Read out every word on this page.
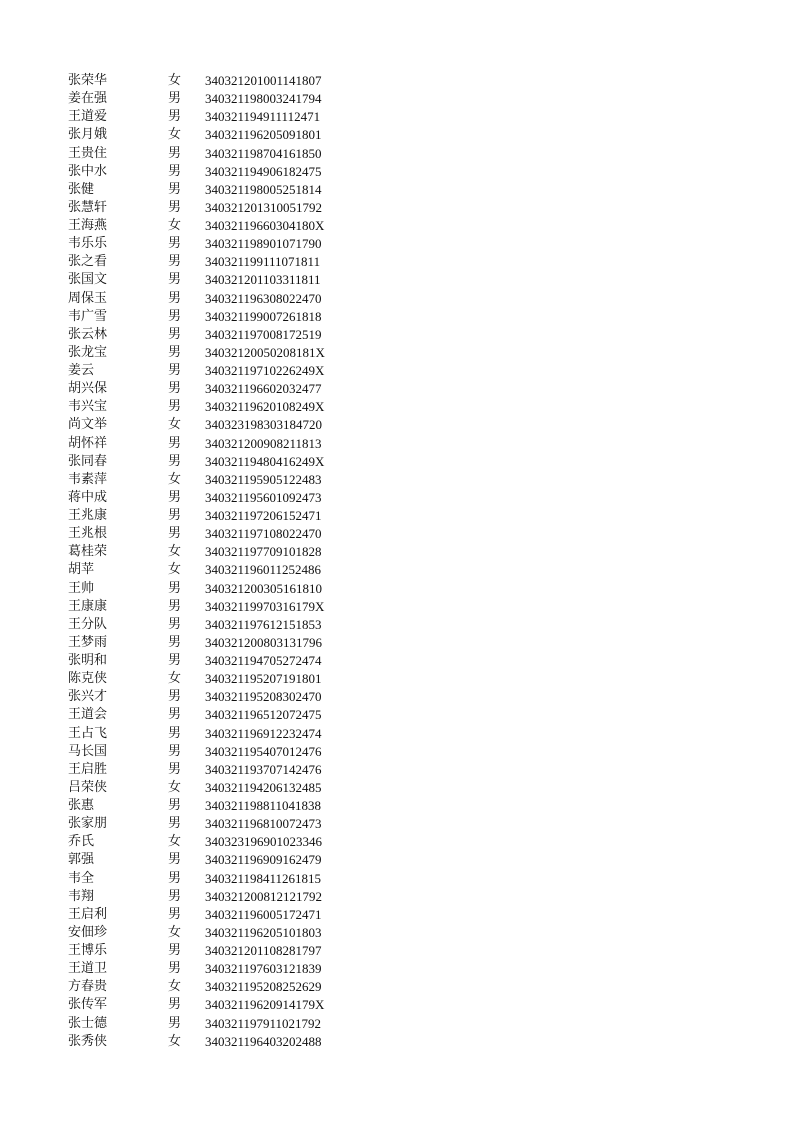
张荣华	女	340321201001141807
姜在强	男	340321198003241794
王道爱	男	340321194911112471
张月娥	女	340321196205091801
王贵住	男	340321198704161850
张中水	男	340321194906182475
张健	男	340321198005251814
张慧轩	男	340321201310051792
王海燕	女	34032119660304180X
韦乐乐	男	340321198901071790
张之看	男	340321199111071811
张国文	男	340321201103311811
周保玉	男	340321196308022470
韦广雪	男	340321199007261818
张云林	男	340321197008172519
张龙宝	男	34032120050208181X
姜云	男	34032119710226249X
胡兴保	男	340321196602032477
韦兴宝	男	34032119620108249X
尚文举	女	340323198303184720
胡怀祥	男	340321200908211813
张同春	男	34032119480416249X
韦素萍	女	340321195905122483
蒋中成	男	340321195601092473
王兆康	男	340321197206152471
王兆根	男	340321197108022470
葛桂荣	女	340321197709101828
胡苹	女	340321196011252486
王帅	男	340321200305161810
王康康	男	34032119970316179X
王分队	男	340321197612151853
王梦雨	男	340321200803131796
张明和	男	340321194705272474
陈克侠	女	340321195207191801
张兴才	男	340321195208302470
王道会	男	340321196512072475
王占飞	男	340321196912232474
马长国	男	340321195407012476
王启胜	男	340321193707142476
吕荣侠	女	340321194206132485
张惠	男	340321198811041838
张家朋	男	340321196810072473
乔氏	女	340323196901023346
郭强	男	340321196909162479
韦全	男	340321198411261815
韦翔	男	340321200812121792
王启利	男	340321196005172471
安佃珍	女	340321196205101803
王博乐	男	340321201108281797
王道卫	男	340321197603121839
方春贵	女	340321195208252629
张传军	男	34032119620914179X
张士德	男	340321197911021792
张秀侠	女	340321196403202488
